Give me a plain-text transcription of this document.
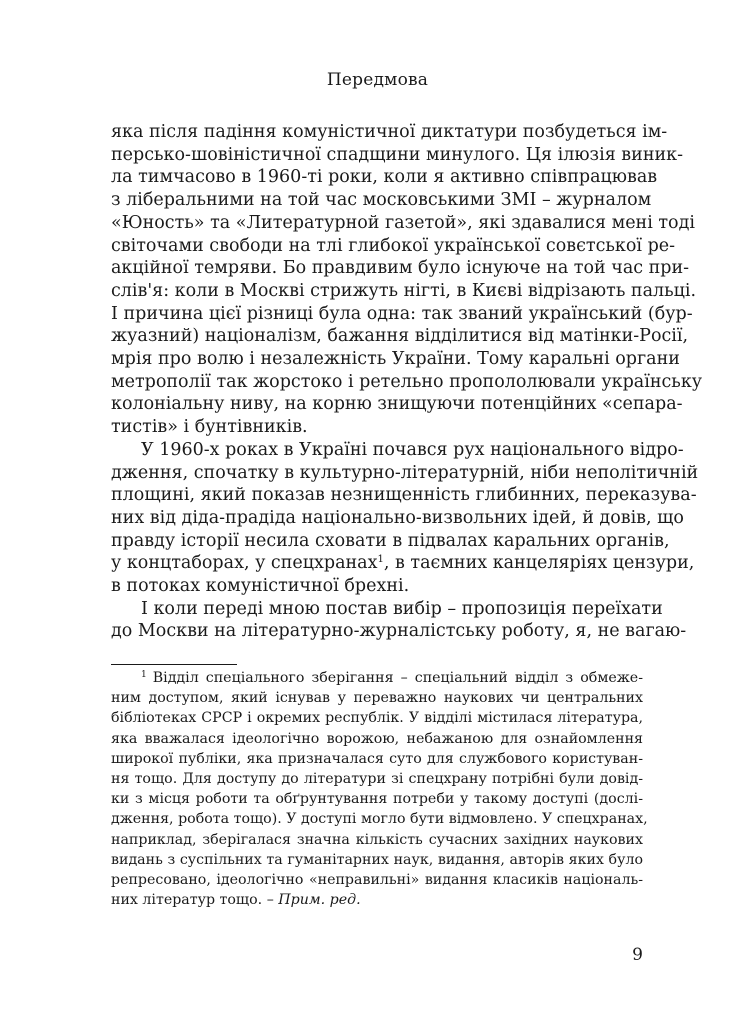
Передмова
яка після падіння комуністичної диктатури позбудеться ім-
персько-шовіністичної спадщини минулого. Ця ілюзія виник-
ла тимчасово в 1960-ті роки, коли я активно співпрацював
з ліберальними на той час московськими ЗМІ – журналом
«Юность» та «Литературной газетой», які здавалися мені тоді
світочами свободи на тлі глибокої української совєтської ре-
акційної темряви. Бо правдивим було існуюче на той час при-
слів'я: коли в Москві стрижуть нігті, в Києві відрізають пальці.
І причина цієї різниці була одна: так званий український (бур-
жуазний) націоналізм, бажання відділитися від матінки-Росії,
мрія про волю і незалежність України. Тому каральні органи
метрополії так жорстоко і ретельно пропололювали українську
колоніальну ниву, на корню знищуючи потенційних «сепара-
тистів» і бунтівників.
У 1960-х роках в Україні почався рух національного відро-
дження, спочатку в культурно-літературній, ніби неполітичній
площині, який показав незнищенність глибинних, переказува-
них від діда-прадіда національно-визвольних ідей, й довів, що
правду історії несила сховати в підвалах каральних органів,
у концтаборах, у спецхранах$^1$, в таємних канцеляріях цензури,
в потоках комуністичної брехні.
І коли переді мною постав вибір – пропозиція переїхати
до Москви на літературно-журналістську роботу, я, не вагаю-
$^1$ Відділ спеціального зберігання – спеціальний відділ з обмеже-
ним доступом, який існував у переважно наукових чи центральних
бібліотеках СРСР і окремих республік. У відділі містилася література,
яка вважалася ідеологічно ворожою, небажаною для ознайомлення
широкої публіки, яка призначалася суто для службового користуван-
ня тощо. Для доступу до літератури зі спецхрану потрібні були довід-
ки з місця роботи та обґрунтування потреби у такому доступі (дослі-
дження, робота тощо). У доступі могло бути відмовлено. У спецхранах,
наприклад, зберігалася значна кількість сучасних західних наукових
видань з суспільних та гуманітарних наук, видання, авторів яких було
репресовано, ідеологічно «неправильні» видання класиків національ-
них літератур тощо. – Прим. ред.
9
